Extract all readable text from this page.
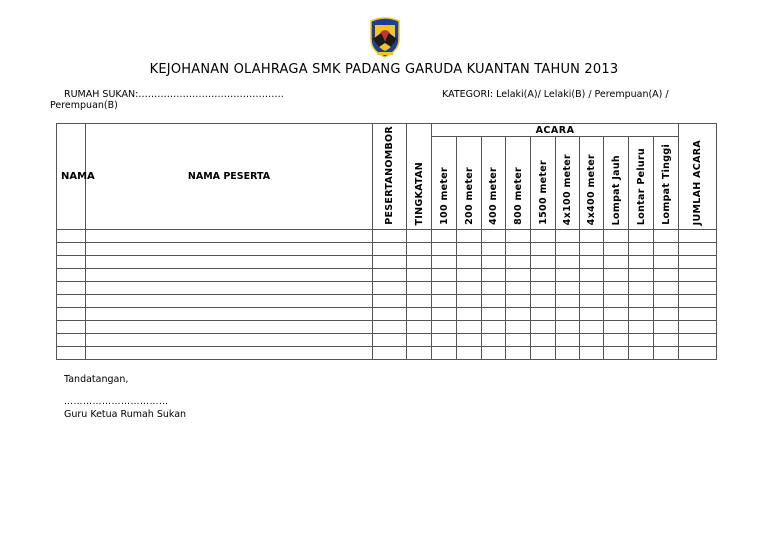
KEJOHANAN OLAHRAGA SMK PADANG GARUDA KUANTAN TAHUN 2013
RUMAH SUKAN:……………………………………….	KATEGORI: Lelaki(A)/ Lelaki(B) / Perempuan(A) /
Perempuan(B)
NAMA	NAMA PESERTA	PESERTANOMBOR	TINGKATAN	ACARA										JUMLAH ACARA

				100 meter	200 meter	400 meter	800 meter	1500 meter	4x100 meter	4x400 meter	Lompat Jauh	Lontar Peluru	Lompat Tinggi	

Tandatangan,
……………………………
Guru Ketua Rumah Sukan
